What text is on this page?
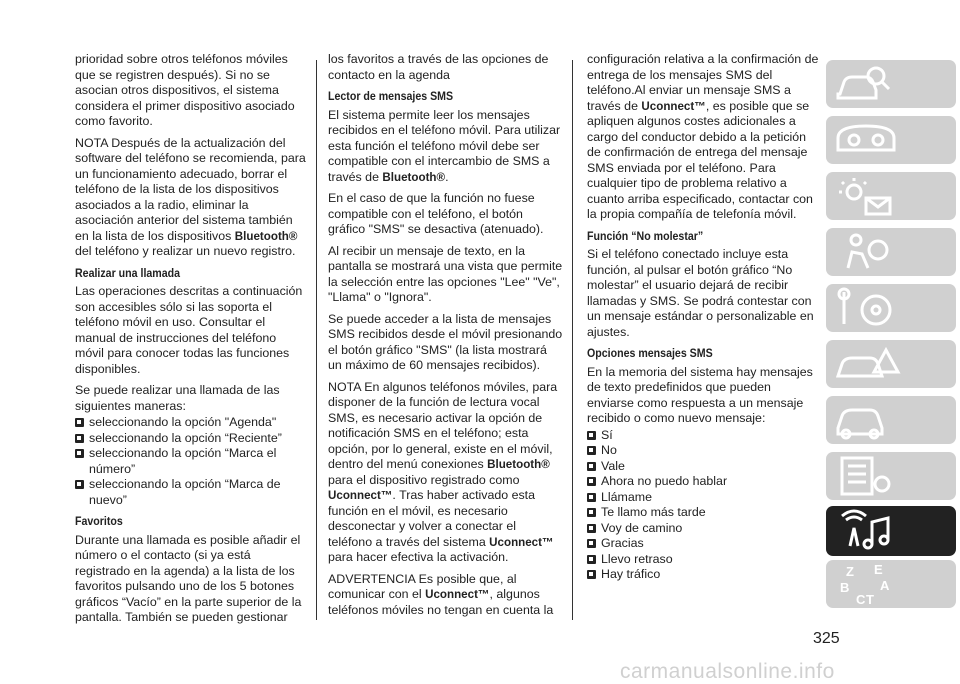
prioridad sobre otros teléfonos móviles que se registren después). Si no se asocian otros dispositivos, el sistema considera el primer dispositivo asociado como favorito.

NOTA Después de la actualización del software del teléfono se recomienda, para un funcionamiento adecuado, borrar el teléfono de la lista de los dispositivos asociados a la radio, eliminar la asociación anterior del sistema también en la lista de los dispositivos Bluetooth® del teléfono y realizar un nuevo registro.

Realizar una llamada

Las operaciones descritas a continuación son accesibles sólo si las soporta el teléfono móvil en uso. Consultar el manual de instrucciones del teléfono móvil para conocer todas las funciones disponibles.

Se puede realizar una llamada de las siguientes maneras:

seleccionando la opción "Agenda"
seleccionando la opción “Reciente”
seleccionando la opción “Marca el número”
seleccionando la opción “Marca de nuevo”
Favoritos

Durante una llamada es posible añadir el número o el contacto (si ya está registrado en la agenda) a la lista de los favoritos pulsando uno de los 5 botones gráficos “Vacío” en la parte superior de la pantalla. También se pueden gestionar

los favoritos a través de las opciones de contacto en la agenda

Lector de mensajes SMS

El sistema permite leer los mensajes recibidos en el teléfono móvil. Para utilizar esta función el teléfono móvil debe ser compatible con el intercambio de SMS a través de Bluetooth®.

En el caso de que la función no fuese compatible con el teléfono, el botón gráfico "SMS" se desactiva (atenuado).

Al recibir un mensaje de texto, en la pantalla se mostrará una vista que permite la selección entre las opciones "Lee" "Ve", "Llama" o "Ignora".

Se puede acceder a la lista de mensajes SMS recibidos desde el móvil presionando el botón gráfico "SMS" (la lista mostrará un máximo de 60 mensajes recibidos).

NOTA En algunos teléfonos móviles, para disponer de la función de lectura vocal SMS, es necesario activar la opción de notificación SMS en el teléfono; esta opción, por lo general, existe en el móvil, dentro del menú conexiones Bluetooth® para el dispositivo registrado como Uconnect™. Tras haber activado esta función en el móvil, es necesario desconectar y volver a conectar el teléfono a través del sistema Uconnect™ para hacer efectiva la activación.

ADVERTENCIA Es posible que, al comunicar con el Uconnect™, algunos teléfonos móviles no tengan en cuenta la

configuración relativa a la confirmación de entrega de los mensajes SMS del teléfono.Al enviar un mensaje SMS a través de Uconnect™, es posible que se apliquen algunos costes adicionales a cargo del conductor debido a la petición de confirmación de entrega del mensaje SMS enviada por el teléfono. Para cualquier tipo de problema relativo a cuanto arriba especificado, contactar con la propia compañía de telefonía móvil.

Función “No molestar”

Si el teléfono conectado incluye esta función, al pulsar el botón gráfico “No molestar” el usuario dejará de recibir llamadas y SMS. Se podrá contestar con un mensaje estándar o personalizable en ajustes.

Opciones mensajes SMS

En la memoria del sistema hay mensajes de texto predefinidos que pueden enviarse como respuesta a un mensaje recibido o como nuevo mensaje:

Sí
No
Vale
Ahora no puedo hablar
Llámame
Te llamo más tarde
Voy de camino
Gracias
Llevo retraso
Hay tráfico	Z E
B A
C T
325
carmanualsonline.info
